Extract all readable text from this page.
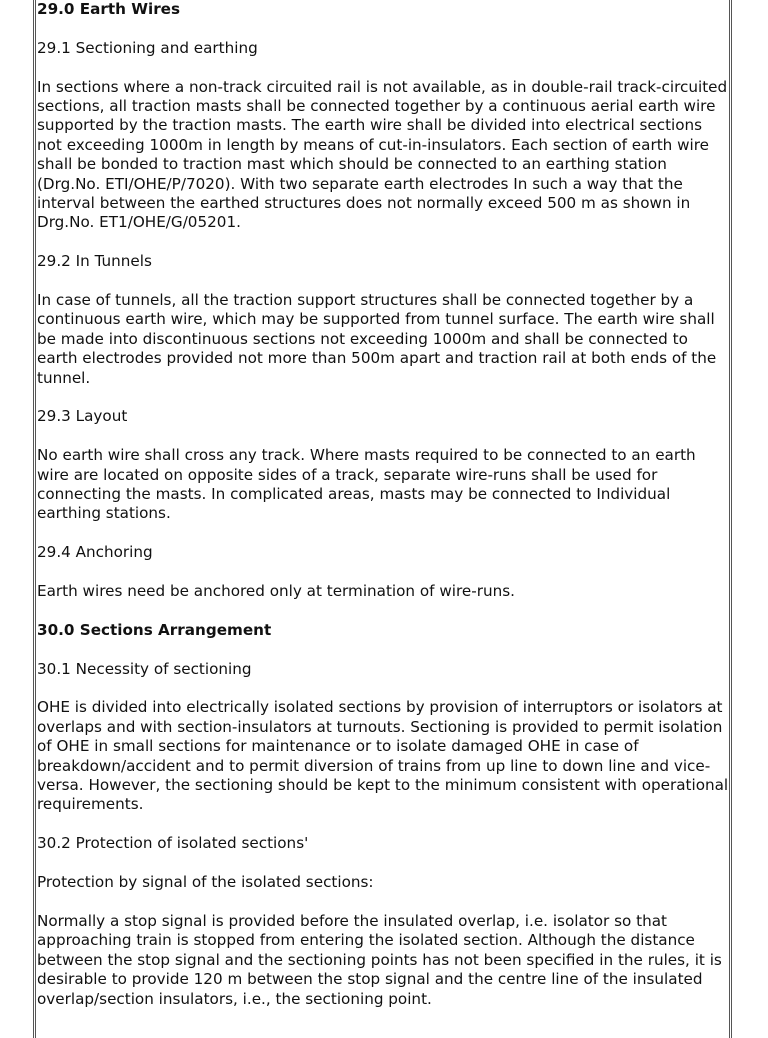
29.0 Earth Wires

29.1 Sectioning and earthing

In sections where a non-track circuited rail is not available, as in double-rail track-circuited sections, all traction masts shall be connected together by a continuous aerial earth wire supported by the traction masts. The earth wire shall be divided into electrical sections not exceeding 1000m in length by means of cut-in-insulators. Each section of earth wire shall be bonded to traction mast which should be connected to an earthing station (Drg.No. ETI/OHE/P/7020). With two separate earth electrodes In such a way that the interval between the earthed structures does not normally exceed 500 m as shown in Drg.No. ET1/OHE/G/05201.

29.2 In Tunnels

In case of tunnels, all the traction support structures shall be connected together by a continuous earth wire, which may be supported from tunnel surface. The earth wire shall be made into discontinuous sections not exceeding 1000m and shall be connected to earth electrodes provided not more than 500m apart and traction rail at both ends of the tunnel.

29.3 Layout

No earth wire shall cross any track. Where masts required to be connected to an earth wire are located on opposite sides of a track, separate wire-runs shall be used for connecting the masts. In complicated areas, masts may be connected to Individual earthing stations.

29.4 Anchoring

Earth wires need be anchored only at termination of wire-runs.

30.0 Sections Arrangement

30.1 Necessity of sectioning

OHE is divided into electrically isolated sections by provision of interruptors or isolators at overlaps and with section-insulators at turnouts. Sectioning is provided to permit isolation of OHE in small sections for maintenance or to isolate damaged OHE in case of breakdown/accident and to permit diversion of trains from up line to down line and vice-versa. However, the sectioning should be kept to the minimum consistent with operational requirements.

30.2 Protection of isolated sections'

Protection by signal of the isolated sections:

Normally a stop signal is provided before the insulated overlap, i.e. isolator so that approaching train is stopped from entering the isolated section. Although the distance between the stop signal and the sectioning points has not been specified in the rules, it is desirable to provide 120 m between the stop signal and the centre line of the insulated overlap/section insulators, i.e., the sectioning point.
